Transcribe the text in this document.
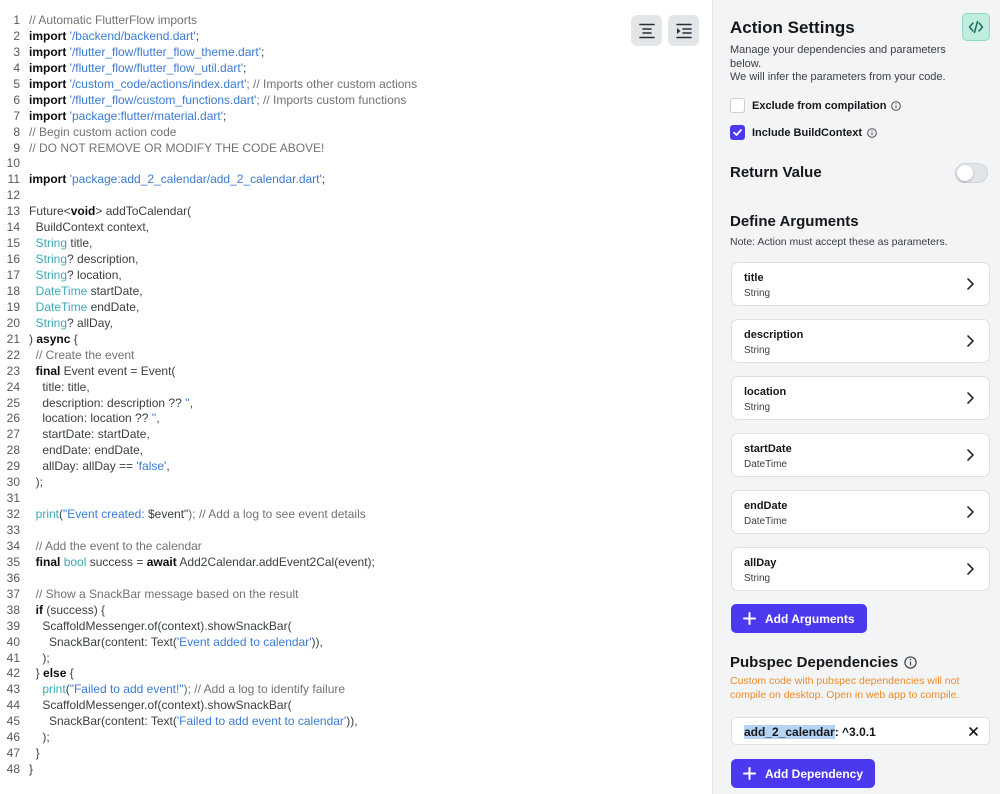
1 // Automatic FlutterFlow imports
2 import '/backend/backend.dart';
3 import '/flutter_flow/flutter_flow_theme.dart';
4 import '/flutter_flow/flutter_flow_util.dart';
5 import '/custom_code/actions/index.dart'; // Imports other custom actions
6 import '/flutter_flow/custom_functions.dart'; // Imports custom functions
7 import 'package:flutter/material.dart';
8 // Begin custom action code
9 // DO NOT REMOVE OR MODIFY THE CODE ABOVE!
10
11 import 'package:add_2_calendar/add_2_calendar.dart';
12
13 Future<void> addToCalendar(
14 BuildContext context,
15	String title,
16	String? description,
17	String? location,
18	DateTime startDate,
19	DateTime endDate,
20	String? allDay,
21 ) async {
22 // Create the event
23	final Event event = Event(
24 title: title,
25 description: description ?? '',
26 location: location ?? '',
27 startDate: startDate,
28 endDate: endDate,
29 allDay: allDay == 'false',
30 );
31
32	print("Event created: $event"); // Add a log to see event details
33
34 // Add the event to the calendar
35	final bool success = await Add2Calendar.addEvent2Cal(event);
36
37 // Show a SnackBar message based on the result
38	if (success) {
39 ScaffoldMessenger.of(context).showSnackBar(
40 SnackBar(content: Text('Event added to calendar')),
41 );
42 } else {
43	print("Failed to add event!"); // Add a log to identify failure
44 ScaffoldMessenger.of(context).showSnackBar(
45 SnackBar(content: Text('Failed to add event to calendar')),
46 );
47 }
48 }
Action Settings
Manage your dependencies and parameters below.
We will infer the parameters from your code.
Exclude from compilation
Include BuildContext
Return Value
Define Arguments
Note: Action must accept these as parameters.
title
String
description
String
location
String
startDate
DateTime
endDate
DateTime
allDay
String
Add Arguments
Pubspec Dependencies
Custom code with pubspec dependencies will not compile on desktop. Open in web app to compile.
add_2_calendar: ^3.0.1
Add Dependency
